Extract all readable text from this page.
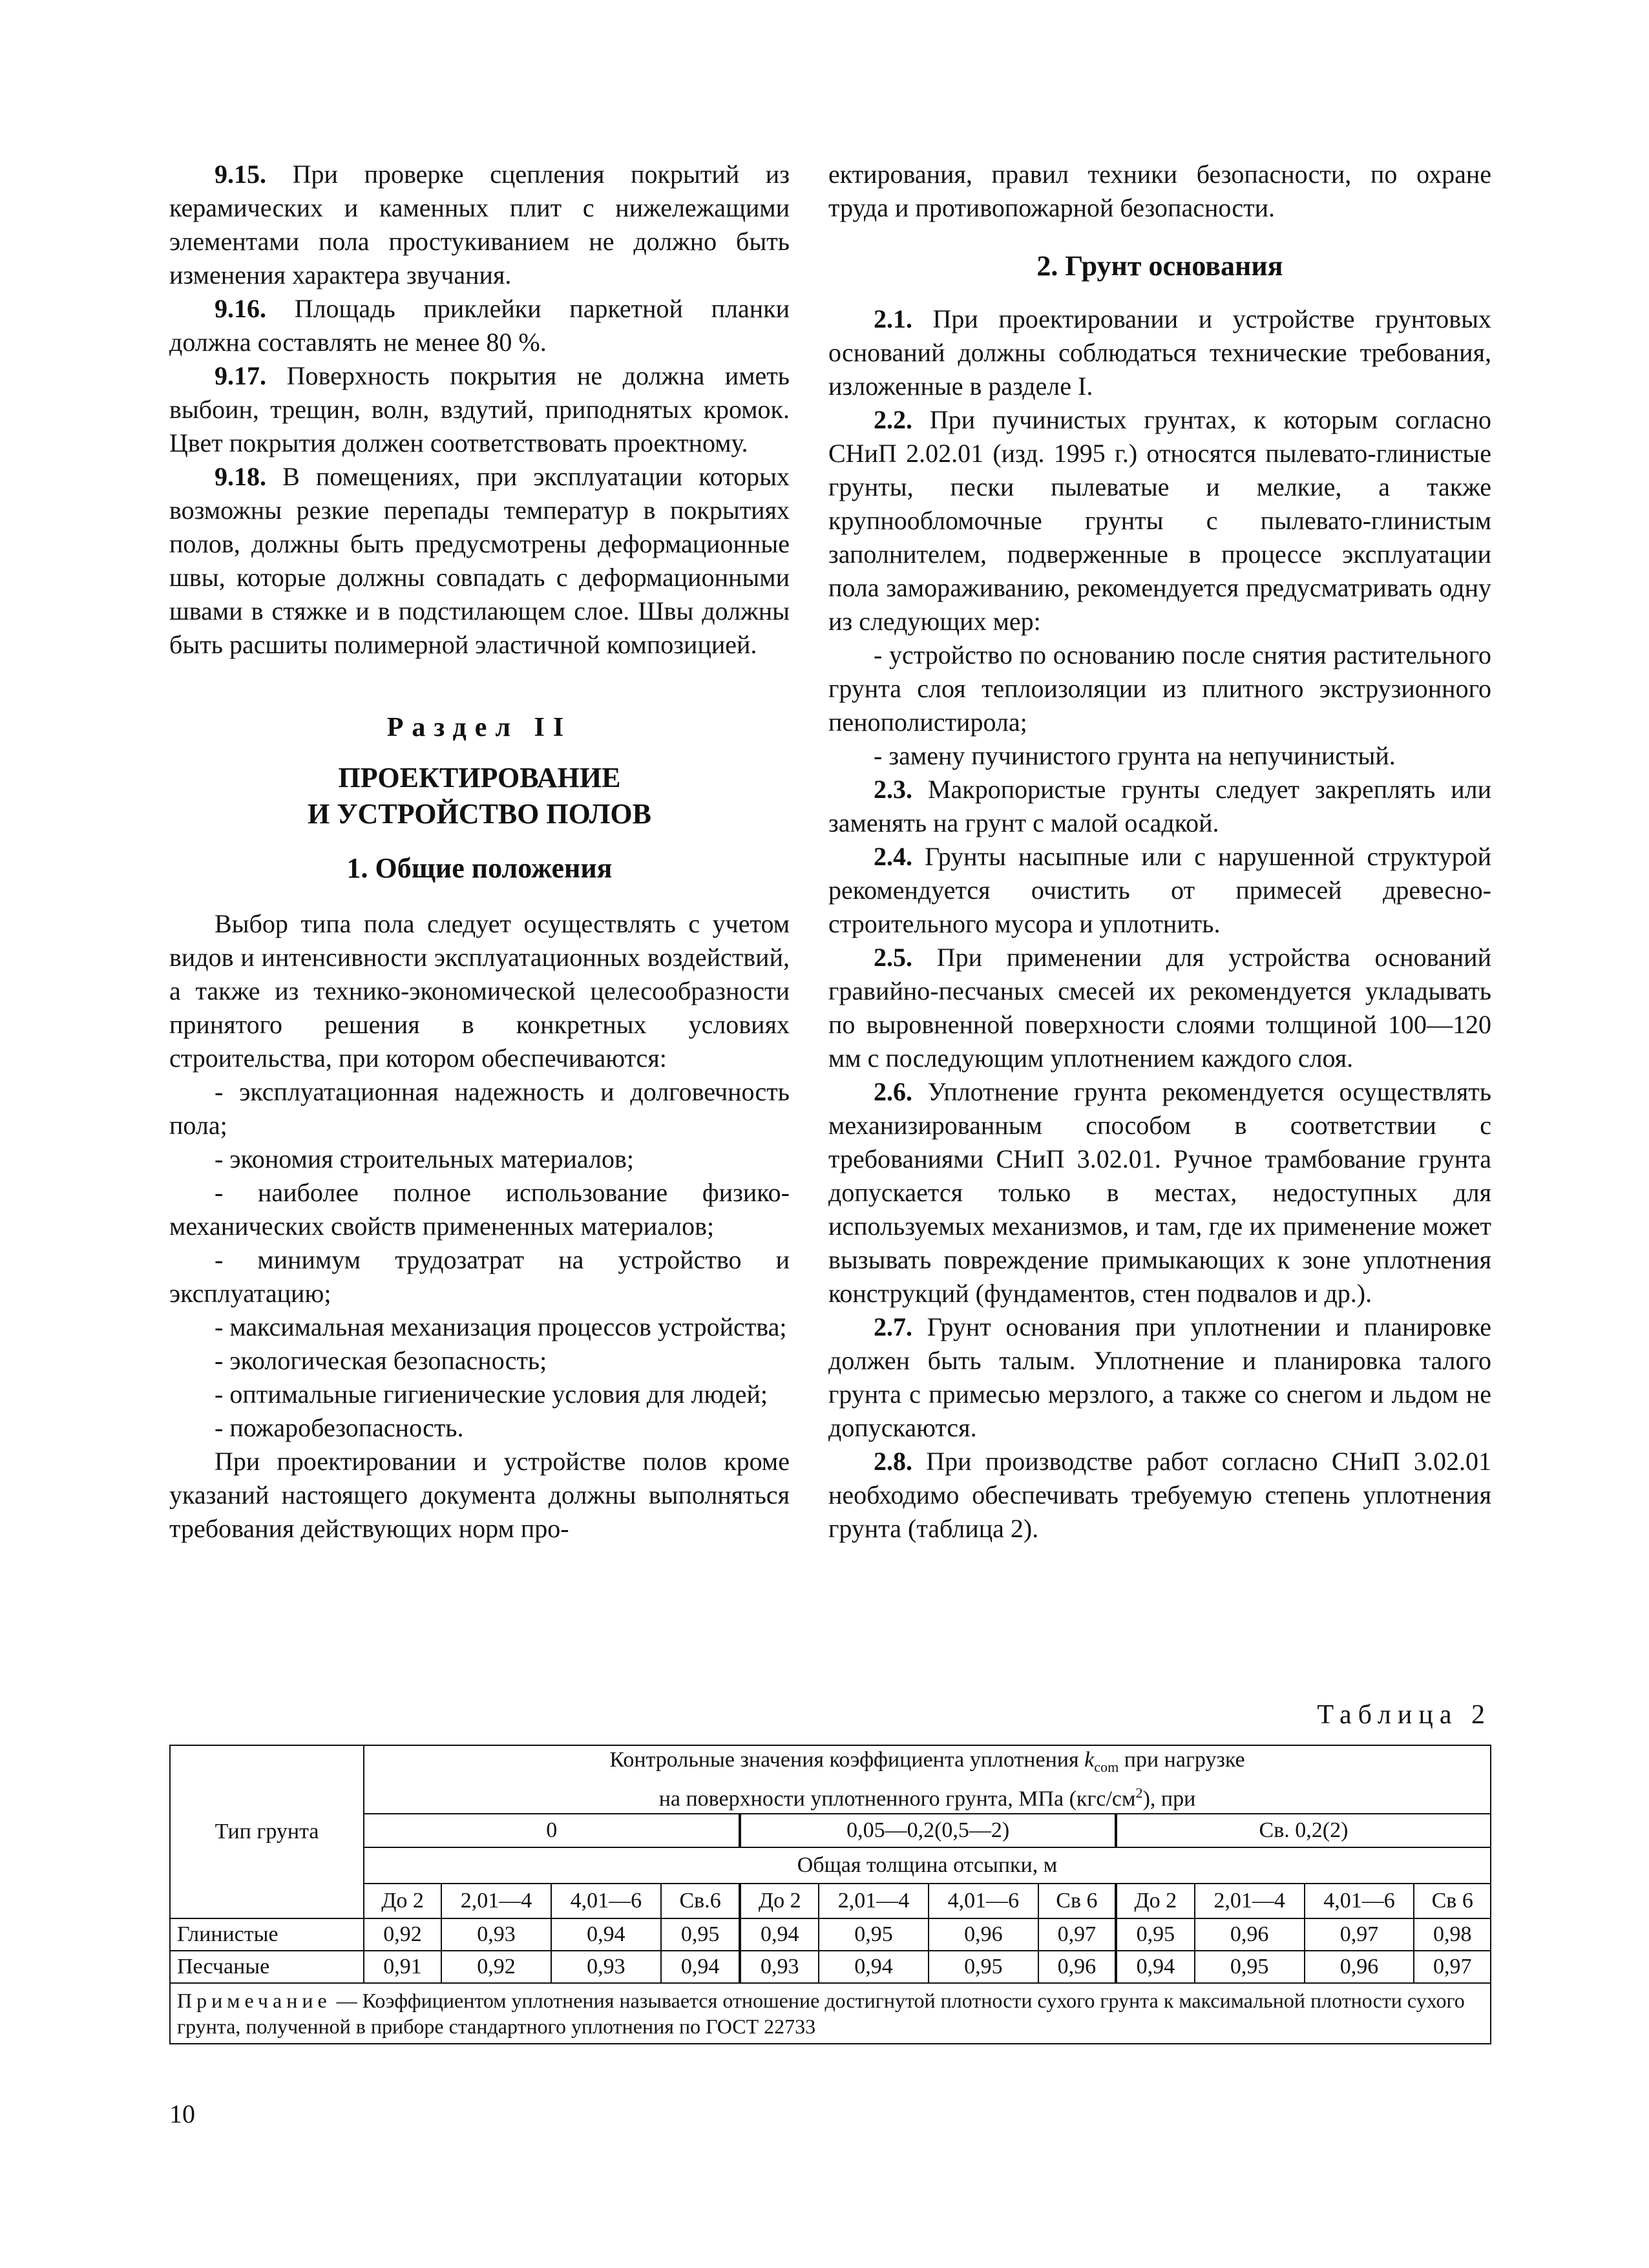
9.15. При проверке сцепления покрытий из керамических и каменных плит с нижележащими элементами пола простукиванием не должно быть изменения характера звучания.

9.16. Площадь приклейки паркетной планки должна составлять не менее 80 %.

9.17. Поверхность покрытия не должна иметь выбоин, трещин, волн, вздутий, приподнятых кромок. Цвет покрытия должен соответствовать проектному.

9.18. В помещениях, при эксплуатации которых возможны резкие перепады температур в покрытиях полов, должны быть предусмотрены деформационные швы, которые должны совпадать с деформационными швами в стяжке и в подстилающем слое. Швы должны быть расшиты полимерной эластичной композицией.

Раздел II
ПРОЕКТИРОВАНИЕ
И УСТРОЙСТВО ПОЛОВ
1. Общие положения

Выбор типа пола следует осуществлять с учетом видов и интенсивности эксплуатационных воздействий, а также из технико-экономической целесообразности принятого решения в конкретных условиях строительства, при котором обеспечиваются:

- эксплуатационная надежность и долговечность пола;

- экономия строительных материалов;

- наиболее полное использование физико-механических свойств примененных материалов;

- минимум трудозатрат на устройство и эксплуатацию;

- максимальная механизация процессов устройства;

- экологическая безопасность;

- оптимальные гигиенические условия для людей;

- пожаробезопасность.

При проектировании и устройстве полов кроме указаний настоящего документа должны выполняться требования действующих норм про-

ектирования, правил техники безопасности, по охране труда и противопожарной безопасности.

2. Грунт основания

2.1. При проектировании и устройстве грунтовых оснований должны соблюдаться технические требования, изложенные в разделе I.

2.2. При пучинистых грунтах, к которым согласно СНиП 2.02.01 (изд. 1995 г.) относятся пылевато-глинистые грунты, пески пылеватые и мелкие, а также крупнообломочные грунты с пылевато-глинистым заполнителем, подверженные в процессе эксплуатации пола замораживанию, рекомендуется предусматривать одну из следующих мер:

- устройство по основанию после снятия растительного грунта слоя теплоизоляции из плитного экструзионного пенополистирола;

- замену пучинистого грунта на непучинистый.

2.3. Макропористые грунты следует закреплять или заменять на грунт с малой осадкой.

2.4. Грунты насыпные или с нарушенной структурой рекомендуется очистить от примесей древесно-строительного мусора и уплотнить.

2.5. При применении для устройства оснований гравийно-песчаных смесей их рекомендуется укладывать по выровненной поверхности слоями толщиной 100—120 мм с последующим уплотнением каждого слоя.

2.6. Уплотнение грунта рекомендуется осуществлять механизированным способом в соответствии с требованиями СНиП 3.02.01. Ручное трамбование грунта допускается только в местах, недоступных для используемых механизмов, и там, где их применение может вызывать повреждение примыкающих к зоне уплотнения конструкций (фундаментов, стен подвалов и др.).

2.7. Грунт основания при уплотнении и планировке должен быть талым. Уплотнение и планировка талого грунта с примесью мерзлого, а также со снегом и льдом не допускаются.

2.8. При производстве работ согласно СНиП 3.02.01 необходимо обеспечивать требуемую степень уплотнения грунта (таблица 2).

Таблица 2
Тип грунта	Контрольные значения коэффициента уплотнения $k_{com}$ при нагрузке
на поверхности уплотненного грунта, МПа $(кгс/см^2)$, при											
	0				0,05—0,2(0,5—2)				Св. 0,2(2)			
	Общая толщина отсыпки, м											
	До 2	2,01—4	4,01—6	Св.6	До 2	2,01—4	4,01—6	Св 6	До 2	2,01—4	4,01—6	Св 6
Глинистые	0,92	0,93	0,94	0,95	0,94	0,95	0,96	0,97	0,95	0,96	0,97	0,98
Песчаные	0,91	0,92	0,93	0,94	0,93	0,94	0,95	0,96	0,94	0,95	0,96	0,97
Примечание — Коэффициентом уплотнения называется отношение достигнутой плотности сухого грунта к максимальной плотности сухого грунта, полученной в приборе стандартного уплотнения по ГОСТ 22733												
10
